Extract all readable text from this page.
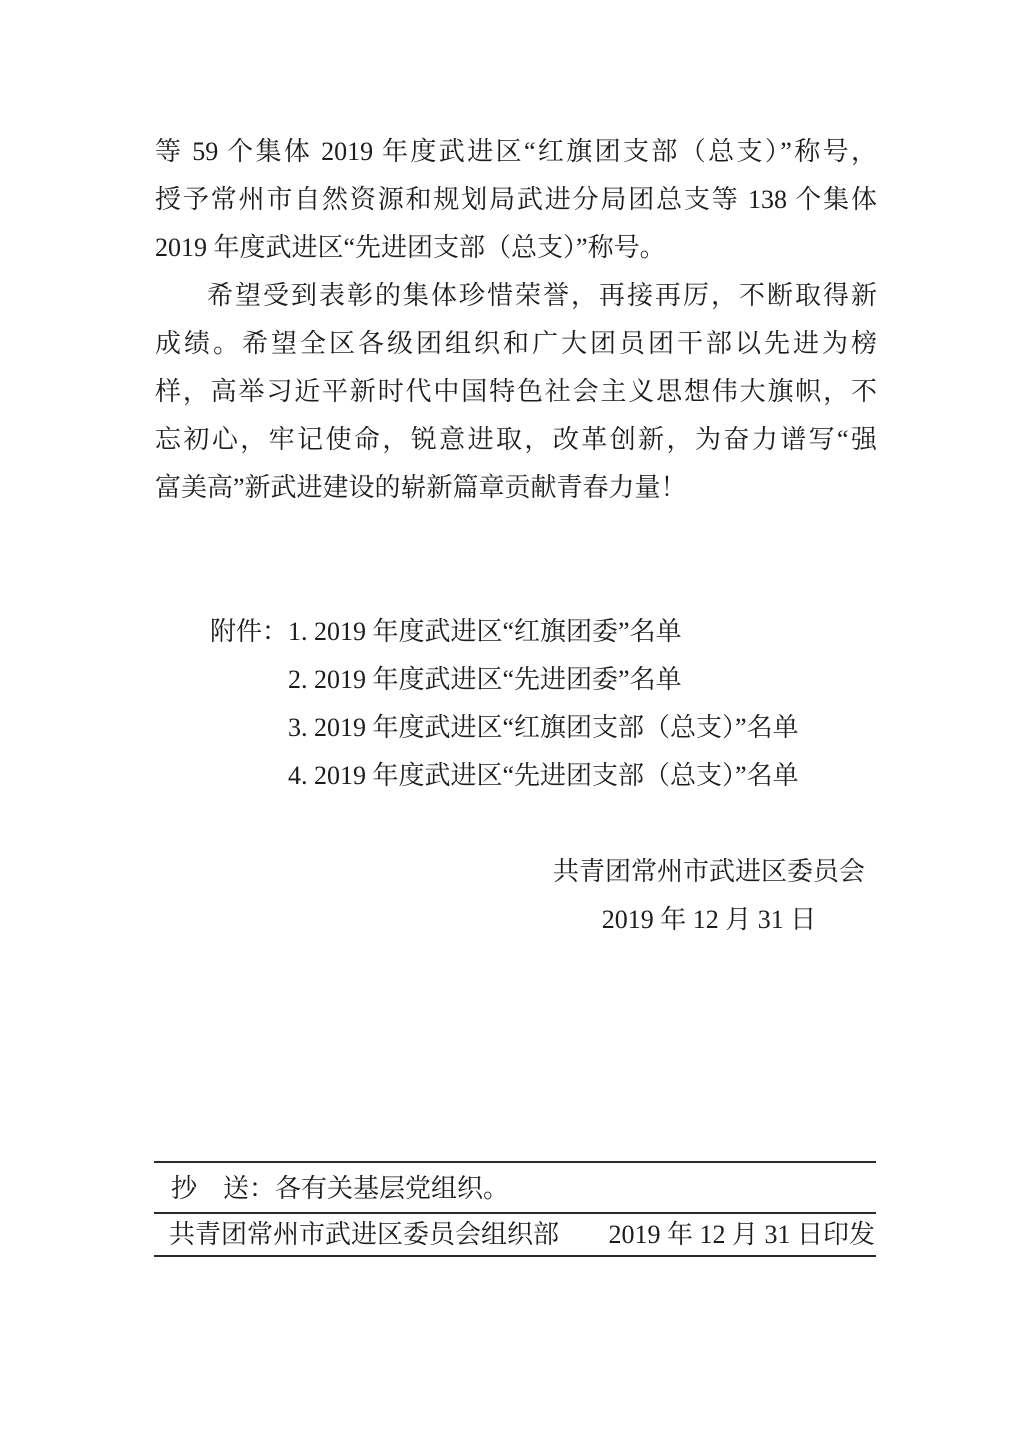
等 59 个集体 2019 年度武进区“红旗团支部（总支）”称号，
授予常州市自然资源和规划局武进分局团总支等 138 个集体
2019 年度武进区“先进团支部（总支）”称号。
希望受到表彰的集体珍惜荣誉，再接再厉，不断取得新
成绩。希望全区各级团组织和广大团员团干部以先进为榜
样，高举习近平新时代中国特色社会主义思想伟大旗帜，不
忘初心，牢记使命，锐意进取，改革创新，为奋力谱写“强
富美高”新武进建设的崭新篇章贡献青春力量！
附件： 1. 2019 年度武进区“红旗团委”名单
2. 2019 年度武进区“先进团委”名单
3. 2019 年度武进区“红旗团支部（总支）”名单
4. 2019 年度武进区“先进团支部（总支）”名单
共青团常州市武进区委员会
2019 年 12 月 31 日
抄　送：各有关基层党组织。
共青团常州市武进区委员会组织部 2019 年 12 月 31 日印发
